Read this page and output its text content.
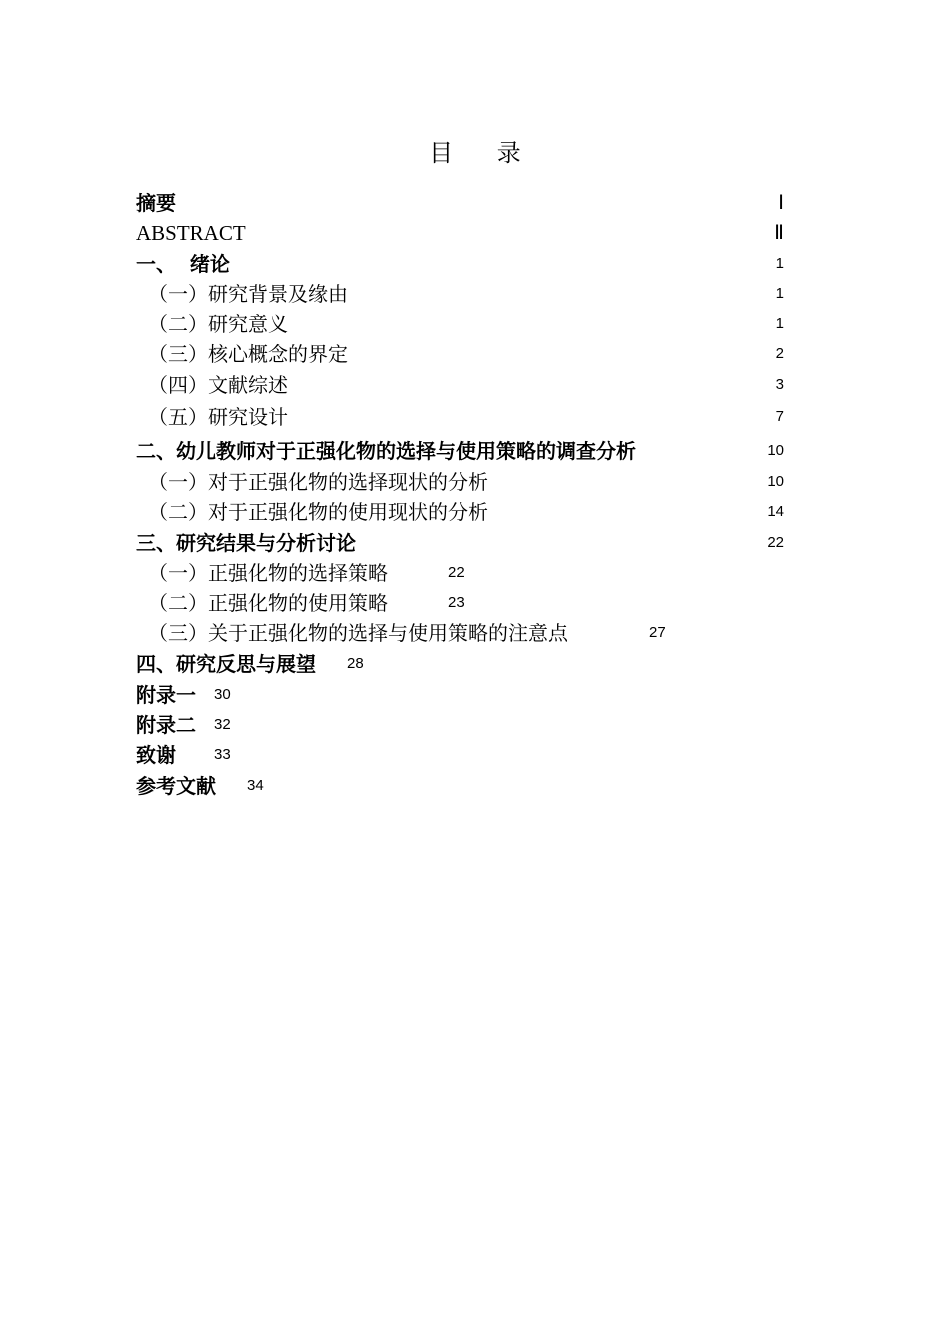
目 录
摘要	Ⅰ
ABSTRACT	Ⅱ
一、  绪论	1
（一）研究背景及缘由	1
（二）研究意义	1
（三）核心概念的界定	2
（四）文献综述	3
（五）研究设计	7
二、幼儿教师对于正强化物的选择与使用策略的调查分析	10
（一）对于正强化物的选择现状的分析	10
（二）对于正强化物的使用现状的分析	14
三、研究结果与分析讨论	22
（一）正强化物的选择策略	22
（二）正强化物的使用策略	23
（三）关于正强化物的选择与使用策略的注意点	27
四、研究反思与展望 28
附录一 30
附录二 32
致谢	33
参考文献 34
